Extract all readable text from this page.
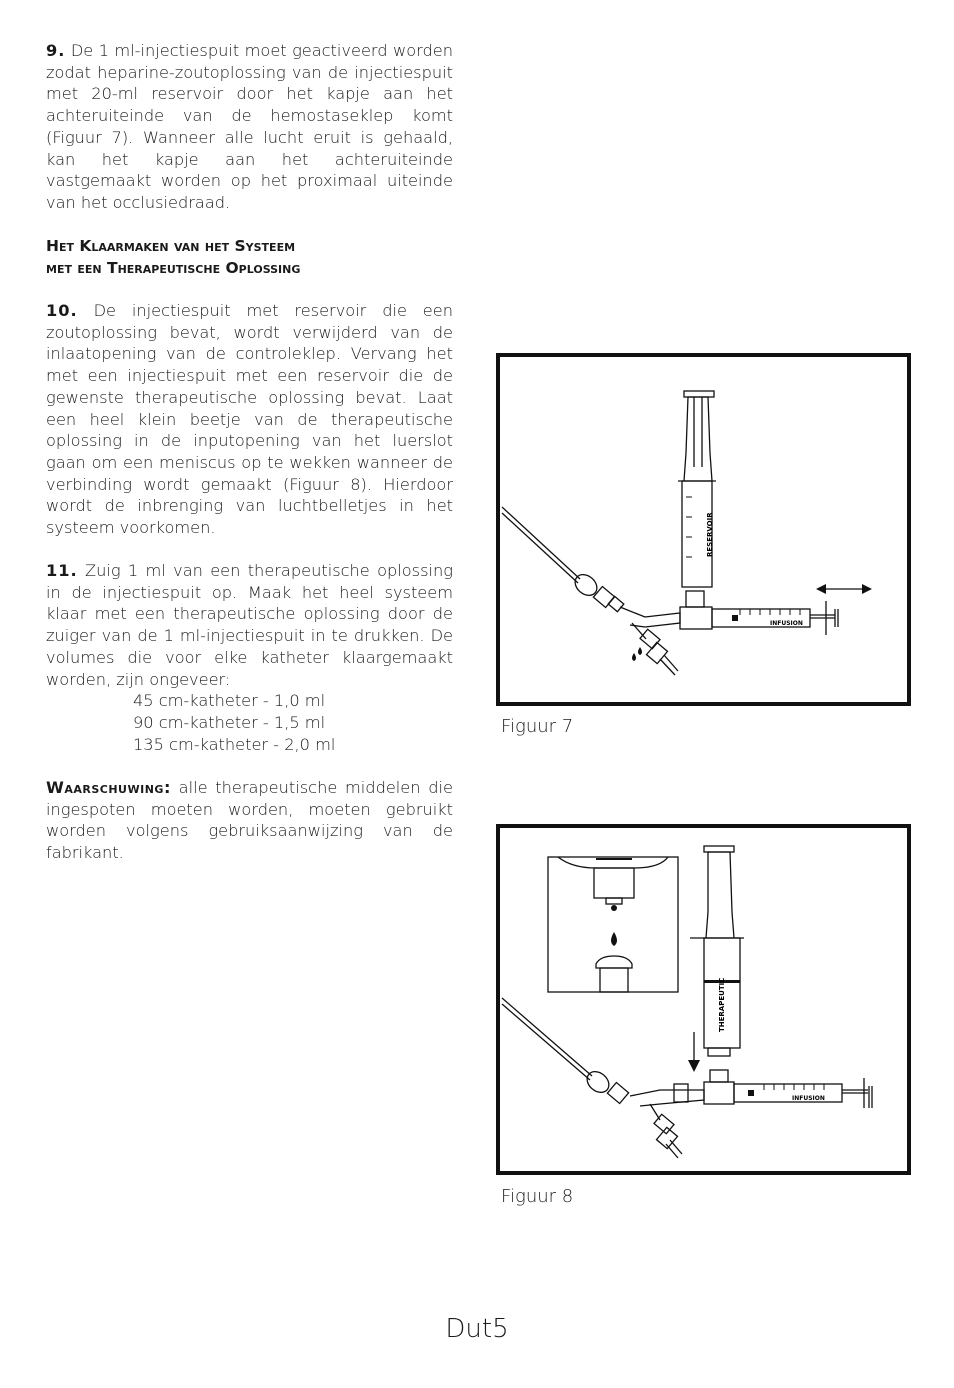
9. De 1 ml-injectiespuit moet geactiveerd worden zodat heparine-zoutoplossing van de injectiespuit met 20-ml reservoir door het kapje aan het achteruiteinde van de hemostaseklep komt (Figuur 7). Wanneer alle lucht eruit is gehaald, kan het kapje aan het achteruiteinde vastgemaakt worden op het proximaal uiteinde van het occlusiedraad.

Het Klaarmaken van het Systeem

met een Therapeutische Oplossing

10. De injectiespuit met reservoir die een zoutoplossing bevat, wordt verwijderd van de inlaatopening van de controleklep. Vervang het met een injectiespuit met een reservoir die de gewenste therapeutische oplossing bevat. Laat een heel klein beetje van de therapeutische oplossing in de inputopening van het luerslot gaan om een meniscus op te wekken wanneer de verbinding wordt gemaakt (Figuur 8). Hierdoor wordt de inbrenging van luchtbelletjes in het systeem voorkomen.

11. Zuig 1 ml van een therapeutische oplossing in de injectiespuit op. Maak het heel systeem klaar met een therapeutische oplossing door de zuiger van de 1 ml-injectiespuit in te drukken. De volumes die voor elke katheter klaargemaakt worden, zijn ongeveer:

45 cm-katheter - 1,0 ml

90 cm-katheter - 1,5 ml

135 cm-katheter - 2,0 ml

Waarschuwing: alle therapeutische middelen die ingespoten moeten worden, moeten gebruikt worden volgens gebruiksaanwijzing van de fabrikant.

RESERVOIR
INFUSION
Figuur 7
THERAPEUTIC
INFUSION
Figuur 8
Dut5
